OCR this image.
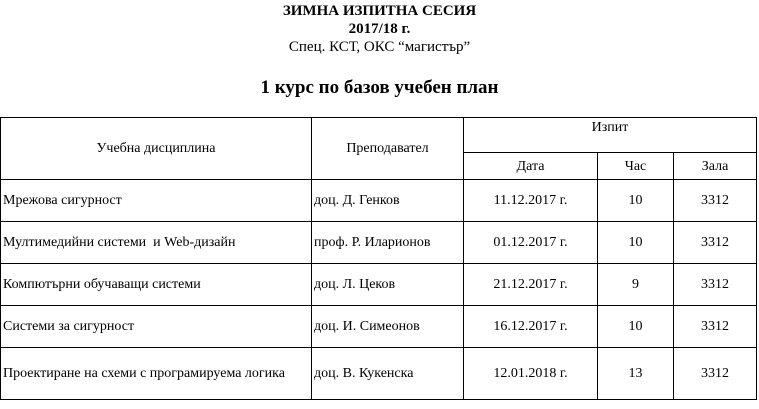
ЗИМНА ИЗПИТНА СЕСИЯ
2017/18 г.
Спец. КСТ, ОКС “магистър”
1 курс по базов учебен план
Учебна дисциплина	Преподавател	Изпит		
		Дата	Час	Зала
Мрежова сигурност	доц. Д. Генков	11.12.2017 г.	10	3312
Мултимедийни системи  и Web-дизайн	проф. Р. Иларионов	01.12.2017 г.	10	3312
Компютърни обучаващи системи	доц. Л. Цеков	21.12.2017 г.	9	3312
Системи за сигурност	доц. И. Симеонов	16.12.2017 г.	10	3312
Проектиране на схеми с програмируема логика	доц. В. Кукенска	12.01.2018 г.	13	3312
